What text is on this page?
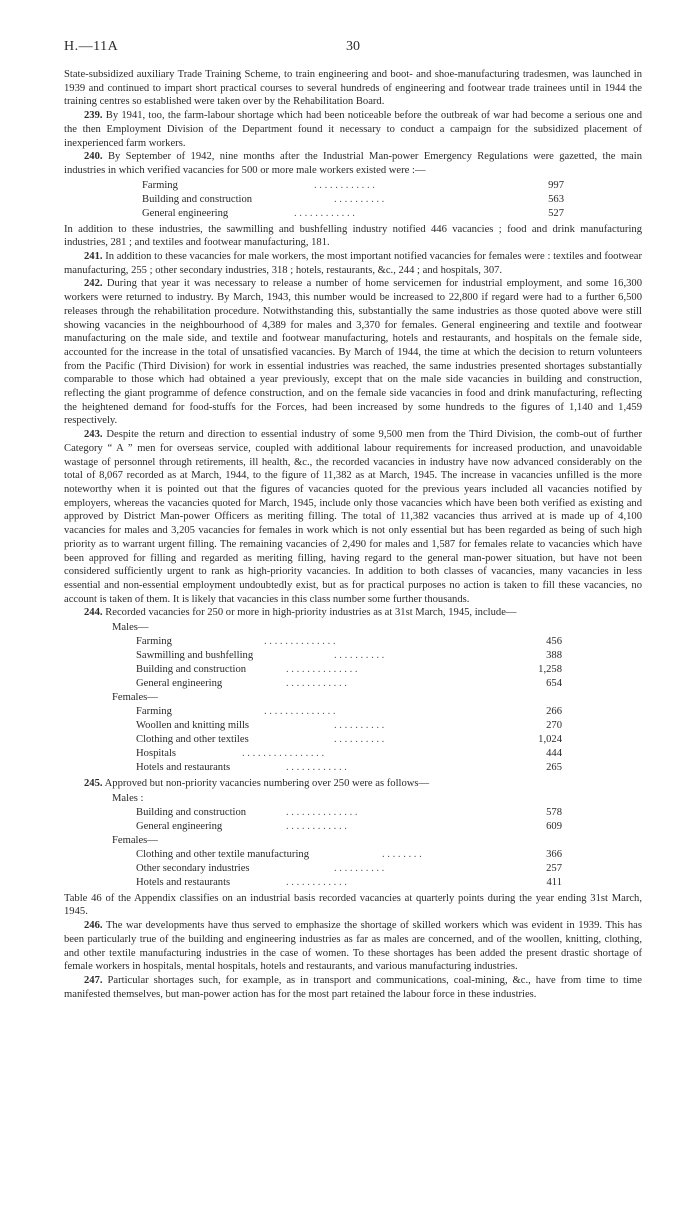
H.—11A	30

State-subsidized auxiliary Trade Training Scheme, to train engineering and boot- and shoe-manufacturing tradesmen, was launched in 1939 and continued to impart short practical courses to several hundreds of engineering and footwear trade trainees until in 1944 the training centres so established were taken over by the Rehabilitation Board.

239. By 1941, too, the farm-labour shortage which had been noticeable before the outbreak of war had become a serious one and the then Employment Division of the Department found it necessary to conduct a campaign for the subsidized placement of inexperienced farm workers.

240. By September of 1942, nine months after the Industrial Man-power Emergency Regulations were gazetted, the main industries in which verified vacancies for 500 or more male workers existed were :—

Farming	. . . . . . . . . . . .	997
Building and construction	. . . . . . . . . .	563
General engineering	. . . . . . . . . . . .	527

In addition to these industries, the sawmilling and bushfelling industry notified 446 vacancies ; food and drink manufacturing industries, 281 ; and textiles and footwear manufacturing, 181.

241. In addition to these vacancies for male workers, the most important notified vacancies for females were : textiles and footwear manufacturing, 255 ; other secondary industries, 318 ; hotels, restaurants, &c., 244 ; and hospitals, 307.

242. During that year it was necessary to release a number of home servicemen for industrial employment, and some 16,300 workers were returned to industry. By March, 1943, this number would be increased to 22,800 if regard were had to a further 6,500 releases through the rehabilitation procedure. Notwithstanding this, substantially the same industries as those quoted above were still showing vacancies in the neighbourhood of 4,389 for males and 3,370 for females. General engineering and textile and footwear manufacturing on the male side, and textile and footwear manufacturing, hotels and restaurants, and hospitals on the female side, accounted for the increase in the total of unsatisfied vacancies. By March of 1944, the time at which the decision to return volunteers from the Pacific (Third Division) for work in essential industries was reached, the same industries presented shortages substantially comparable to those which had obtained a year previously, except that on the male side vacancies in building and construction, reflecting the giant programme of defence construction, and on the female side vacancies in food and drink manufacturing, reflecting the heightened demand for food-stuffs for the Forces, had been increased by some hundreds to the figures of 1,140 and 1,459 respectively.

243. Despite the return and direction to essential industry of some 9,500 men from the Third Division, the comb-out of further Category “ A ” men for overseas service, coupled with additional labour requirements for increased production, and unavoidable wastage of personnel through retirements, ill health, &c., the recorded vacancies in industry have now advanced considerably on the total of 8,067 recorded as at March, 1944, to the figure of 11,382 as at March, 1945. The increase in vacancies unfilled is the more noteworthy when it is pointed out that the figures of vacancies quoted for the previous years included all vacancies notified by employers, whereas the vacancies quoted for March, 1945, include only those vacancies which have been both verified as existing and approved by District Man-power Officers as meriting filling. The total of 11,382 vacancies thus arrived at is made up of 4,100 vacancies for males and 3,205 vacancies for females in work which is not only essential but has been regarded as being of such high priority as to warrant urgent filling. The remaining vacancies of 2,490 for males and 1,587 for females relate to vacancies which have been approved for filling and regarded as meriting filling, having regard to the general man-power situation, but have not been considered sufficiently urgent to rank as high-priority vacancies. In addition to both classes of vacancies, many vacancies in less essential and non-essential employment undoubtedly exist, but as for practical purposes no action is taken to fill these vacancies, no account is taken of them. It is likely that vacancies in this class number some further thousands.

244. Recorded vacancies for 250 or more in high-priority industries as at 31st March, 1945, include—

Males—
Farming	. . . . . . . . . . . . . .	456
Sawmilling and bushfelling	. . . . . . . . . .	388
Building and construction	. . . . . . . . . . . . . .	1,258
General engineering	. . . . . . . . . . . .	654
Females—
Farming	. . . . . . . . . . . . . .	266
Woollen and knitting mills	. . . . . . . . . .	270
Clothing and other textiles	. . . . . . . . . .	1,024
Hospitals	. . . . . . . . . . . . . . . .	444
Hotels and restaurants	. . . . . . . . . . . .	265

245. Approved but non-priority vacancies numbering over 250 were as follows—

Males :
Building and construction	. . . . . . . . . . . . . .	578
General engineering	. . . . . . . . . . . .	609
Females—
Clothing and other textile manufacturing	. . . . . . . .	366
Other secondary industries	. . . . . . . . . .	257
Hotels and restaurants	. . . . . . . . . . . .	411

Table 46 of the Appendix classifies on an industrial basis recorded vacancies at quarterly points during the year ending 31st March, 1945.

246. The war developments have thus served to emphasize the shortage of skilled workers which was evident in 1939. This has been particularly true of the building and engineering industries as far as males are concerned, and of the woollen, knitting, clothing, and other textile manufacturing industries in the case of women. To these shortages has been added the present drastic shortage of female workers in hospitals, mental hospitals, hotels and restaurants, and various manufacturing industries.

247. Particular shortages such, for example, as in transport and communications, coal-mining, &c., have from time to time manifested themselves, but man-power action has for the most part retained the labour force in these industries.
